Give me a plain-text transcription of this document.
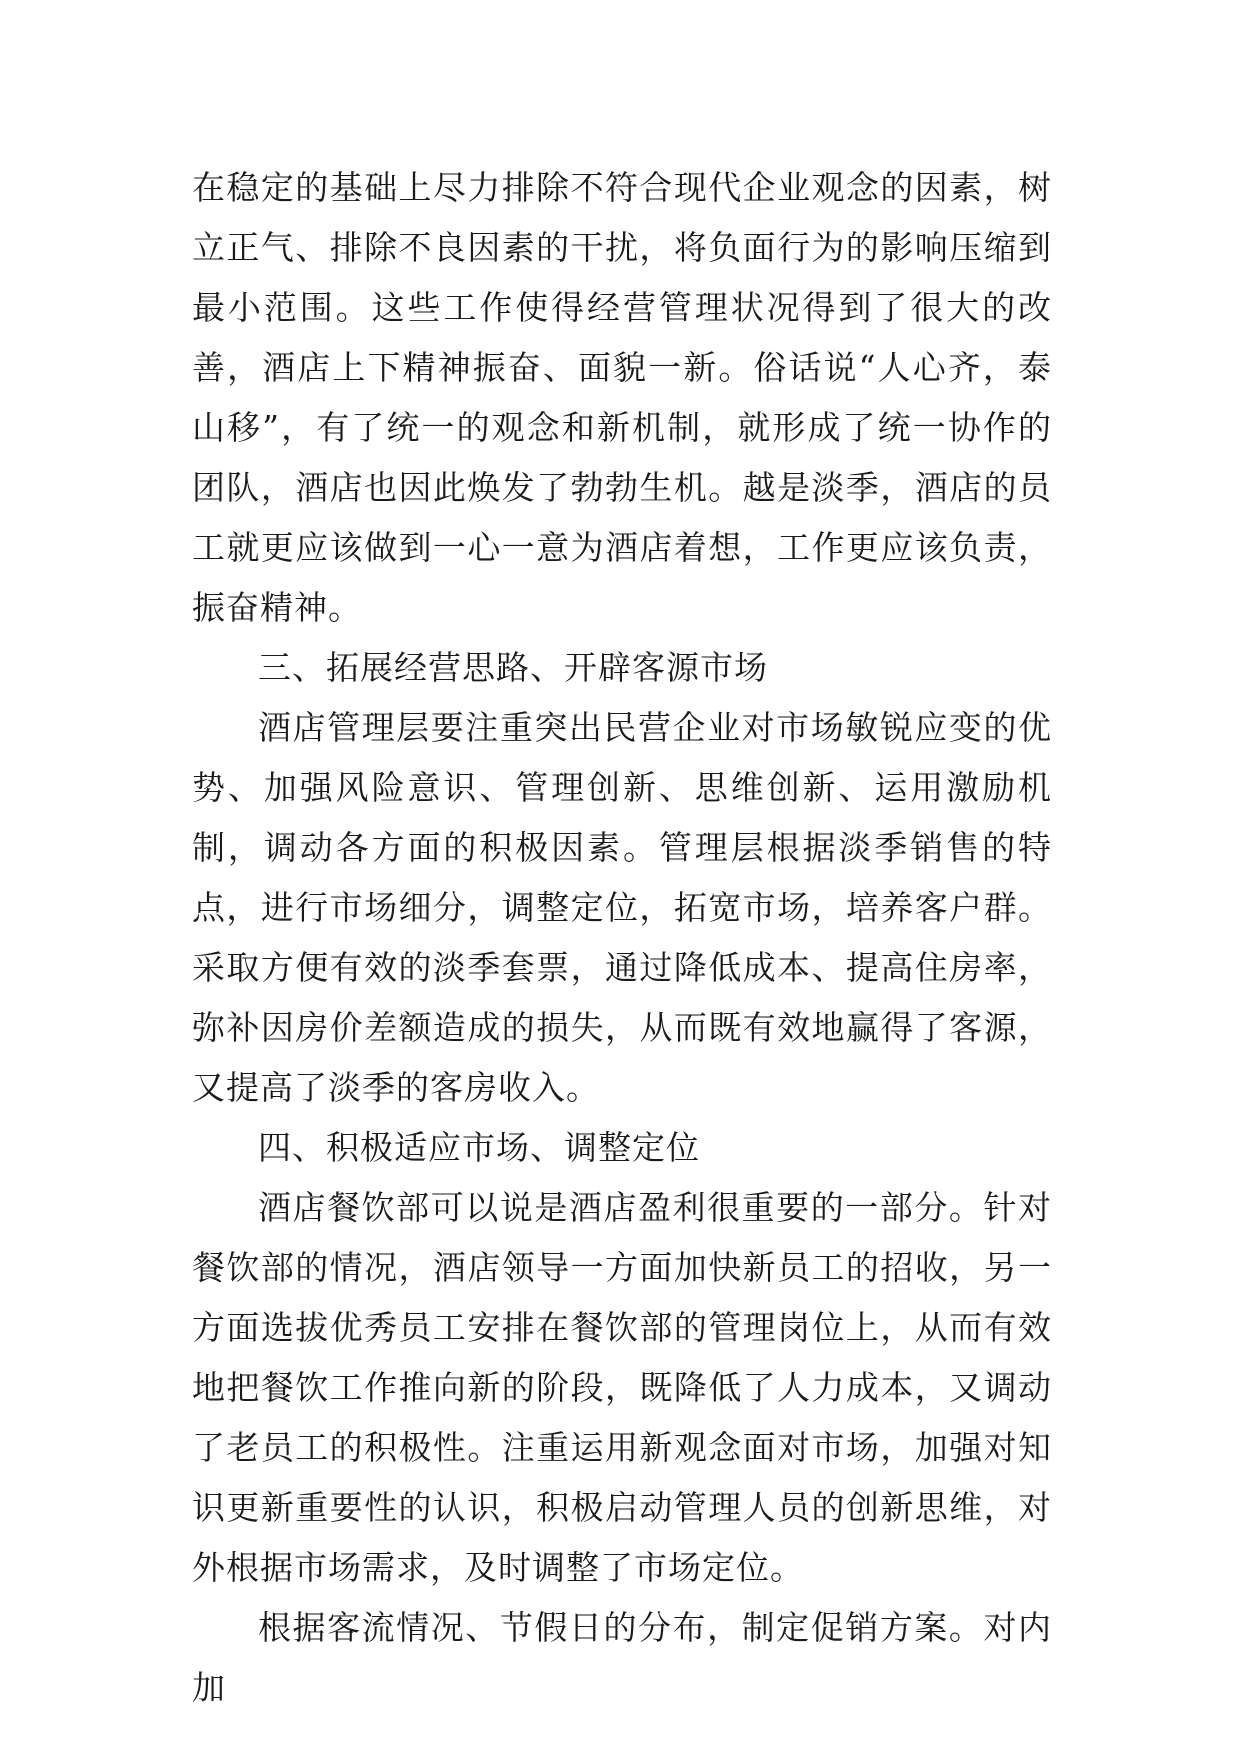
在稳定的基础上尽力排除不符合现代企业观念的因素，树立正气、排除不良因素的干扰，将负面行为的影响压缩到最小范围。这些工作使得经营管理状况得到了很大的改善，酒店上下精神振奋、面貌一新。俗话说“人心齐，泰山移”，有了统一的观念和新机制，就形成了统一协作的团队，酒店也因此焕发了勃勃生机。越是淡季，酒店的员工就更应该做到一心一意为酒店着想，工作更应该负责，振奋精神。

三、拓展经营思路、开辟客源市场

酒店管理层要注重突出民营企业对市场敏锐应变的优势、加强风险意识、管理创新、思维创新、运用激励机制，调动各方面的积极因素。管理层根据淡季销售的特点，进行市场细分，调整定位，拓宽市场，培养客户群。采取方便有效的淡季套票，通过降低成本、提高住房率，弥补因房价差额造成的损失，从而既有效地赢得了客源，又提高了淡季的客房收入。

四、积极适应市场、调整定位

酒店餐饮部可以说是酒店盈利很重要的一部分。针对餐饮部的情况，酒店领导一方面加快新员工的招收，另一方面选拔优秀员工安排在餐饮部的管理岗位上，从而有效地把餐饮工作推向新的阶段，既降低了人力成本，又调动了老员工的积极性。注重运用新观念面对市场，加强对知识更新重要性的认识，积极启动管理人员的创新思维，对外根据市场需求，及时调整了市场定位。

根据客流情况、节假日的分布，制定促销方案。对内加
